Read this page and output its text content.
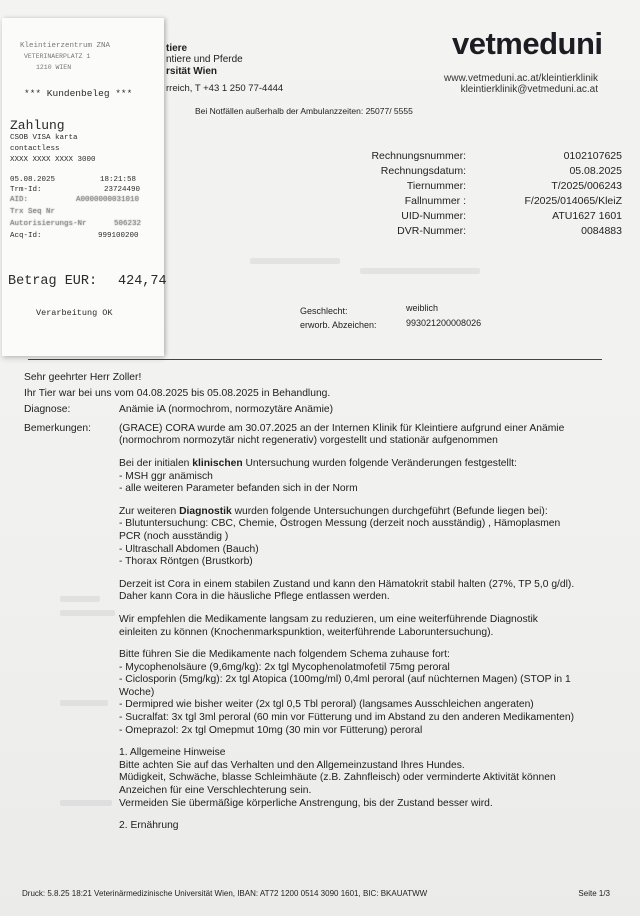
tiere
ntiere und Pferde
rsität Wien
rreich, T +43 1 250 77-4444
vetmeduni
www.vetmeduni.ac.at/kleintierklinik
kleintierklinik@vetmeduni.ac.at
Bei Notfällen außerhalb der Ambulanzzeiten: 25077/ 5555
Rechnungsnummer:	0102107625
Rechnungsdatum:	05.08.2025
Tiernummer:	T/2025/006243
Fallnummer :	F/2025/014065/KleiZ
UID-Nummer:	ATU1627 1601
DVR-Nummer:	0084883
Geschlecht:	weiblich
erworb. Abzeichen:	993021200008026

Sehr geehrter Herr Zoller!

Ihr Tier war bei uns vom 04.08.2025 bis 05.08.2025 in Behandlung.

Diagnose:	Anämie iA (normochrom, normozytäre Anämie)
Bemerkungen:	(GRACE) CORA wurde am 30.07.2025 an der Internen Klinik für Kleintiere aufgrund einer Anämie

(normochrom normozytär nicht regenerativ) vorgestellt und stationär aufgenommen

Bei der initialen klinischen Untersuchung wurden folgende Veränderungen festgestellt:

- MSH ggr anämisch

- alle weiteren Parameter befanden sich in der Norm

Zur weiteren Diagnostik wurden folgende Untersuchungen durchgeführt (Befunde liegen bei):

- Blutuntersuchung: CBC, Chemie, Östrogen Messung (derzeit noch ausständig) , Hämoplasmen

PCR (noch ausständig )

- Ultraschall Abdomen (Bauch)

- Thorax Röntgen (Brustkorb)

Derzeit ist Cora in einem stabilen Zustand und kann den Hämatokrit stabil halten (27%, TP 5,0 g/dl).

Daher kann Cora in die häusliche Pflege entlassen werden.

Wir empfehlen die Medikamente langsam zu reduzieren, um eine weiterführende Diagnostik

einleiten zu können (Knochenmarkspunktion, weiterführende Laboruntersuchung).

Bitte führen Sie die Medikamente nach folgendem Schema zuhause fort:

- Mycophenolsäure (9,6mg/kg): 2x tgl Mycophenolatmofetil 75mg peroral

- Ciclosporin (5mg/kg): 2x tgl Atopica (100mg/ml) 0,4ml peroral (auf nüchternen Magen) (STOP in 1

Woche)

- Dermipred wie bisher weiter (2x tgl 0,5 Tbl peroral) (langsames Ausschleichen angeraten)

- Sucralfat: 3x tgl 3ml peroral (60 min vor Fütterung und im Abstand zu den anderen Medikamenten)

- Omeprazol: 2x tgl Omepmut 10mg (30 min vor Fütterung) peroral

1. Allgemeine Hinweise

Bitte achten Sie auf das Verhalten und den Allgemeinzustand Ihres Hundes.

Müdigkeit, Schwäche, blasse Schleimhäute (z.B. Zahnfleisch) oder verminderte Aktivität können

Anzeichen für eine Verschlechterung sein.

Vermeiden Sie übermäßige körperliche Anstrengung, bis der Zustand besser wird.

2. Ernährung

Druck: 5.8.25 18:21 Veterinärmedizinische Universität Wien, IBAN: AT72 1200 0514 3090 1601, BIC: BKAUATWW	Seite 1/3
Kleintierzentrum ZNA
VETERINAERPLATZ 1
1210 WIEN
*** Kundenbeleg ***
Zahlung
CSOB VISA karta
contactless
XXXX XXXX XXXX 3000
05.08.2025	18:21:58
Trm-Id:	23724490
AID:	A0000000031010
Trx Seq Nr
Autorisierungs-Nr	506232
Acq-Id:	999100200
Betrag EUR: 424,74
Verarbeitung OK
